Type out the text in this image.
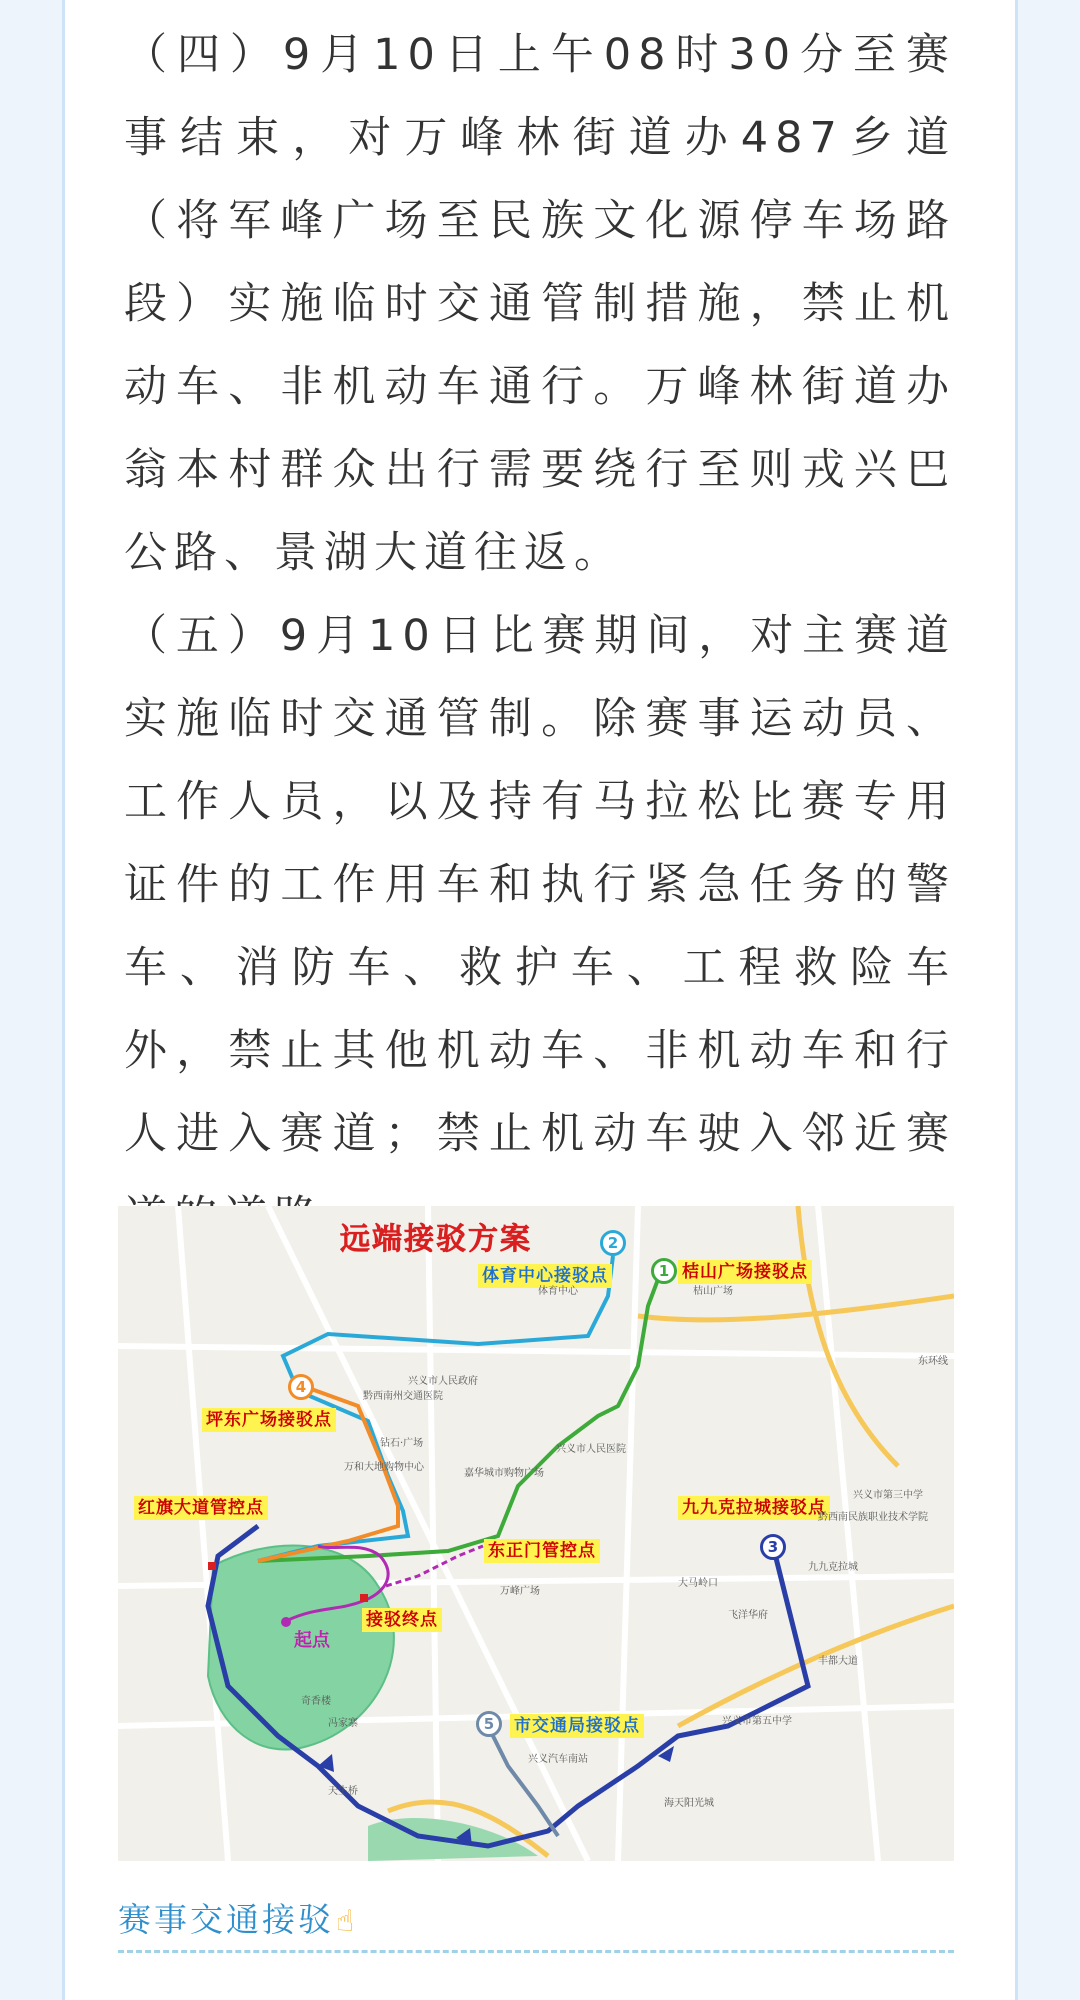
（四）9月10日上午08时30分至赛事结束，对万峰林街道办487乡道（将军峰广场至民族文化源停车场路段）实施临时交通管制措施，禁止机动车、非机动车通行。万峰林街道办翁本村群众出行需要绕行至则戎兴巴公路、景湖大道往返。

（五）9月10日比赛期间，对主赛道实施临时交通管制。除赛事运动员、工作人员，以及持有马拉松比赛专用证件的工作用车和执行紧急任务的警车、消防车、救护车、工程救险车外，禁止其他机动车、非机动车和行人进入赛道；禁止机动车驶入邻近赛

远端接驳方案
1
2
3
4
5
桔山广场接驳点
体育中心接驳点
九九克拉城接驳点
坪东广场接驳点
市交通局接驳点
红旗大道管控点
东正门管控点
接驳终点
起点
兴义市人民政府
兴义市人民医院
黔西南州交通医院
钻石·广场
万和大地购物中心
嘉华城市购物广场
九九克拉城
兴义市第五中学
兴义汽车南站
海天阳光城
奇香楼
万峰广场
兴义市第三中学
黔西南民族职业技术学院
桔山广场
体育中心
东环线
丰都大道
飞洋华府
大马岭口
冯家寨
天生桥
赛事交通接驳☝
